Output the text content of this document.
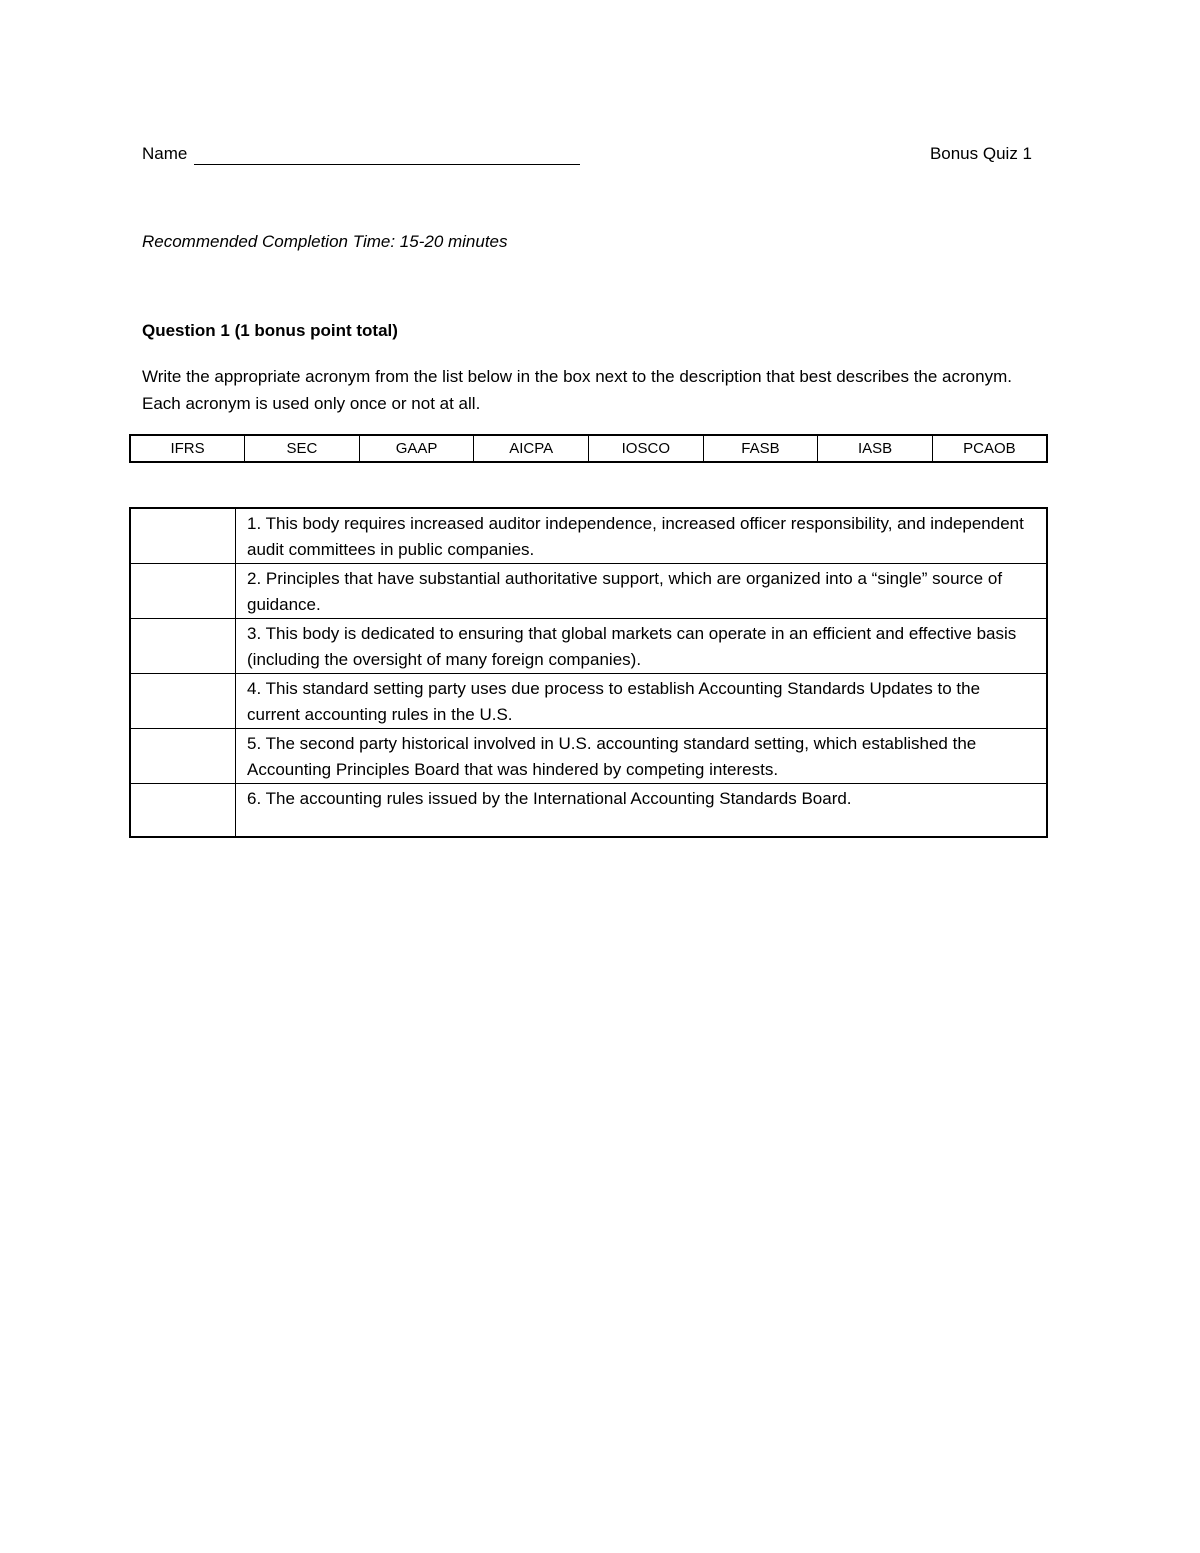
Name	Bonus Quiz 1
Recommended Completion Time: 15-20 minutes
Question 1 (1 bonus point total)
Write the appropriate acronym from the list below in the box next to the description that best describes the acronym. Each acronym is used only once or not at all.
IFRS	SEC	GAAP	AICPA	IOSCO	FASB	IASB	PCAOB
	1. This body requires increased auditor independence, increased officer responsibility, and independent audit committees in public companies.
	2. Principles that have substantial authoritative support, which are organized into a “single” source of guidance.
	3. This body is dedicated to ensuring that global markets can operate in an efficient and effective basis (including the oversight of many foreign companies).
	4. This standard setting party uses due process to establish Accounting Standards Updates to the current accounting rules in the U.S.
	5. The second party historical involved in U.S. accounting standard setting, which established the Accounting Principles Board that was hindered by competing interests.
	6. The accounting rules issued by the International Accounting Standards Board.
